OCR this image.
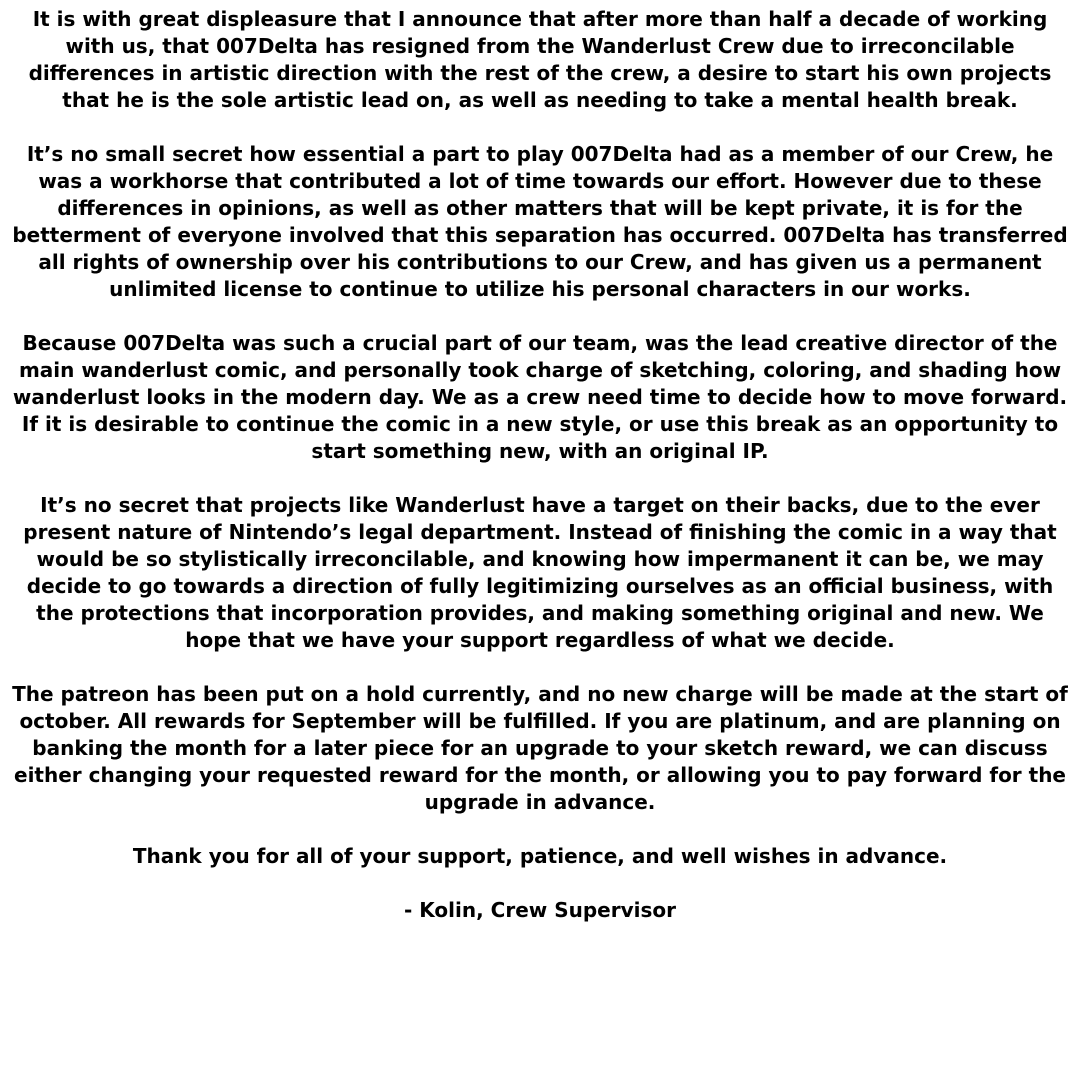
It is with great displeasure that I announce that after more than half a decade of working with us, that 007Delta has resigned from the Wanderlust Crew due to irreconcilable differences in artistic direction with the rest of the crew, a desire to start his own projects that he is the sole artistic lead on, as well as needing to take a mental health break.

It’s no small secret how essential a part to play 007Delta had as a member of our Crew, he was a workhorse that contributed a lot of time towards our effort. However due to these differences in opinions, as well as other matters that will be kept private, it is for the betterment of everyone involved that this separation has occurred. 007Delta has transferred all rights of ownership over his contributions to our Crew, and has given us a permanent unlimited license to continue to utilize his personal characters in our works.

Because 007Delta was such a crucial part of our team, was the lead creative director of the main wanderlust comic, and personally took charge of sketching, coloring, and shading how wanderlust looks in the modern day. We as a crew need time to decide how to move forward. If it is desirable to continue the comic in a new style, or use this break as an opportunity to start something new, with an original IP.

It’s no secret that projects like Wanderlust have a target on their backs, due to the ever present nature of Nintendo’s legal department. Instead of finishing the comic in a way that would be so stylistically irreconcilable, and knowing how impermanent it can be, we may decide to go towards a direction of fully legitimizing ourselves as an official business, with the protections that incorporation provides, and making something original and new. We hope that we have your support regardless of what we decide.

The patreon has been put on a hold currently, and no new charge will be made at the start of october. All rewards for September will be fulfilled. If you are platinum, and are planning on banking the month for a later piece for an upgrade to your sketch reward, we can discuss either changing your requested reward for the month, or allowing you to pay forward for the upgrade in advance.

Thank you for all of your support, patience, and well wishes in advance.

- Kolin, Crew Supervisor
